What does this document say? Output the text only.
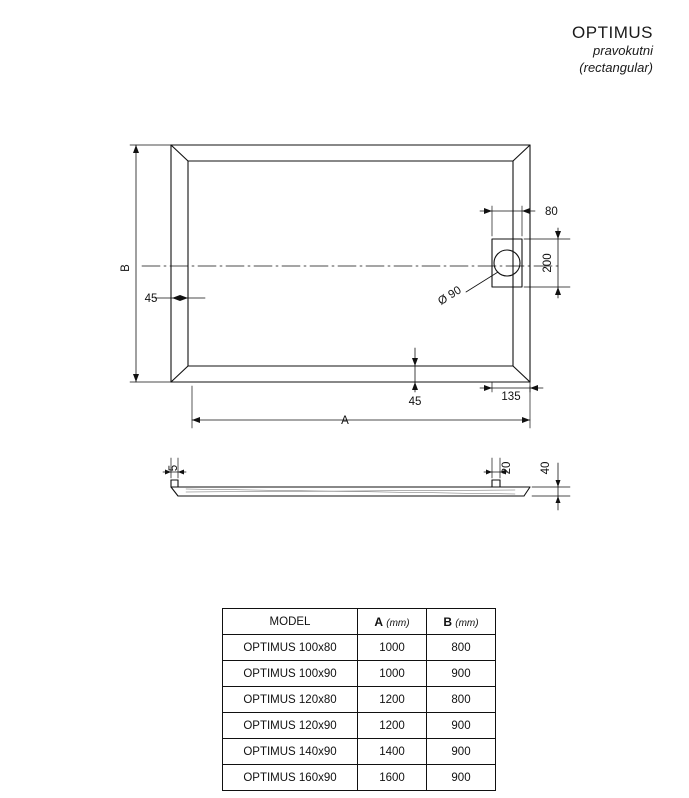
OPTIMUS
pravokutni
(rectangular)
B
45
A
45	135
80
200
Ø 90
5	20 40
MODEL	A (mm)	B (mm)
OPTIMUS 100x80	1000	800
OPTIMUS 100x90	1000	900
OPTIMUS 120x80	1200	800
OPTIMUS 120x90	1200	900
OPTIMUS 140x90	1400	900
OPTIMUS 160x90	1600	900
